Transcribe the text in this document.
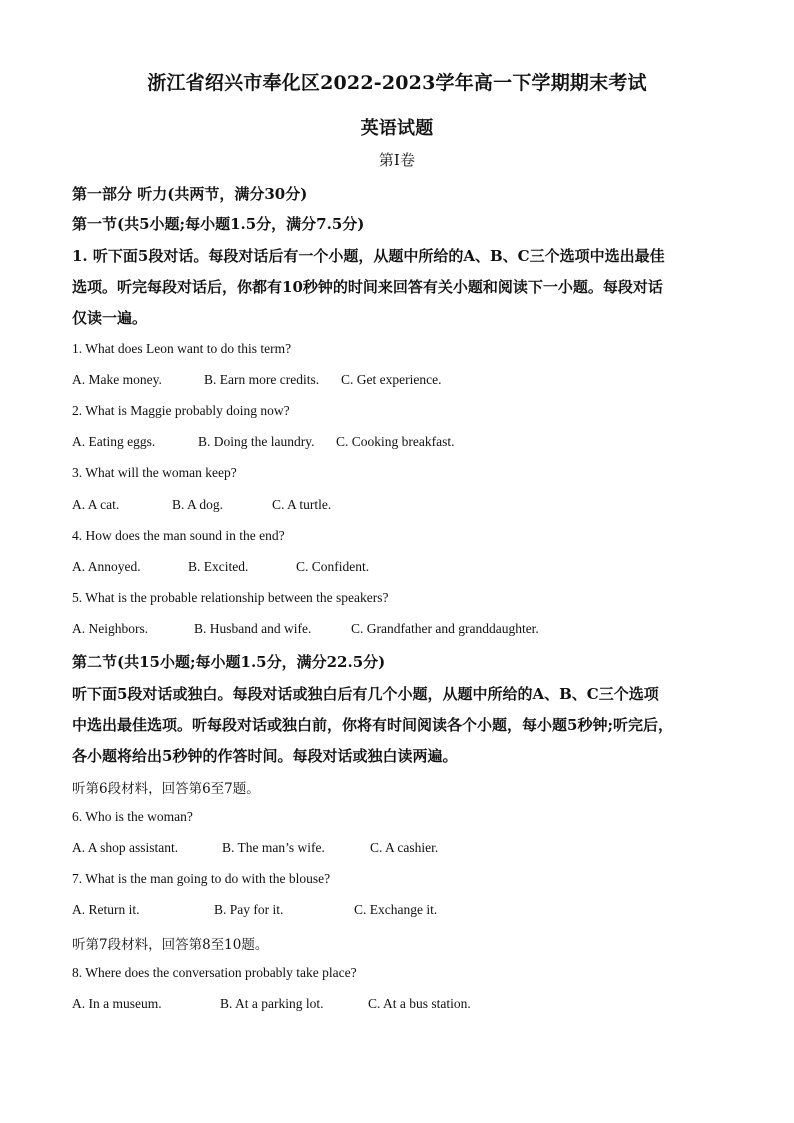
浙江省绍兴市奉化区2022-2023学年高一下学期期末考试
英语试题
第Ⅰ卷
第一部分 听力(共两节，满分30分)
第一节(共5小题;每小题1.5分，满分7.5分)
1. 听下面5段对话。每段对话后有一个小题，从题中所给的A、B、C三个选项中选出最佳
选项。听完每段对话后，你都有10秒钟的时间来回答有关小题和阅读下一小题。每段对话
仅读一遍。
1. What does Leon want to do this term?
A. Make money.	B. Earn more credits. C. Get experience.
2. What is Maggie probably doing now?
A. Eating eggs.	B. Doing the laundry. C. Cooking breakfast.
3. What will the woman keep?
A. A cat.	B. A dog.	C. A turtle.
4. How does the man sound in the end?
A. Annoyed.	B. Excited.	C. Confident.
5. What is the probable relationship between the speakers?
A. Neighbors.	B. Husband and wife.	C. Grandfather and granddaughter.
第二节(共15小题;每小题1.5分，满分22.5分)
听下面5段对话或独白。每段对话或独白后有几个小题，从题中所给的A、B、C三个选项
中选出最佳选项。听每段对话或独白前，你将有时间阅读各个小题，每小题5秒钟;听完后，
各小题将给出5秒钟的作答时间。每段对话或独白读两遍。
听第6段材料，回答第6至7题。
6. Who is the woman?
A. A shop assistant.	B. The man’s wife.	C. A cashier.
7. What is the man going to do with the blouse?
A. Return it.	B. Pay for it.	C. Exchange it.
听第7段材料，回答第8至10题。
8. Where does the conversation probably take place?
A. In a museum.	B. At a parking lot.	C. At a bus station.
